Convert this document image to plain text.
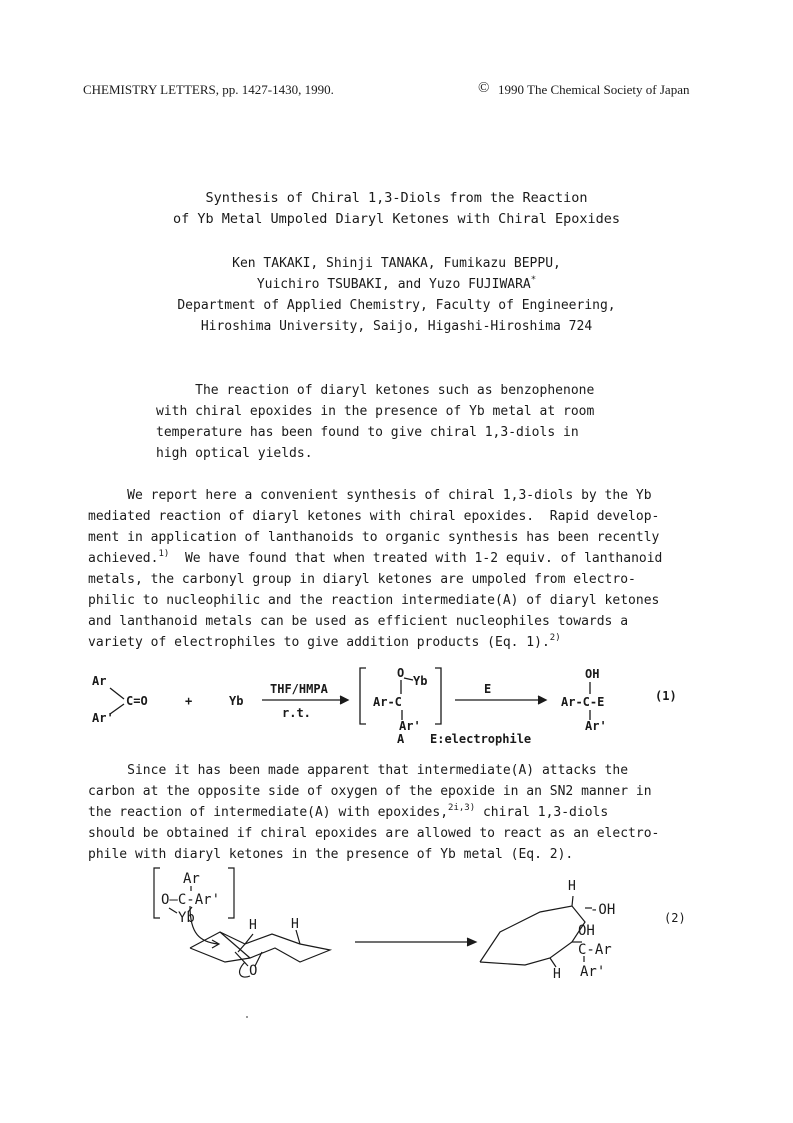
CHEMISTRY LETTERS, pp. 1427-1430, 1990.	© 1990 The Chemical Society of Japan
Synthesis of Chiral 1,3-Diols from the Reaction
of Yb Metal Umpoled Diaryl Ketones with Chiral Epoxides
Ken TAKAKI, Shinji TANAKA, Fumikazu BEPPU,
Yuichiro TSUBAKI, and Yuzo FUJIWARA*
Department of Applied Chemistry, Faculty of Engineering,
Hiroshima University, Saijo, Higashi-Hiroshima 724
The reaction of diaryl ketones such as benzophenone
with chiral epoxides in the presence of Yb metal at room
temperature has been found to give chiral 1,3-diols in
high optical yields.
We report here a convenient synthesis of chiral 1,3-diols by the Yb
mediated reaction of diaryl ketones with chiral epoxides.  Rapid develop-
ment in application of lanthanoids to organic synthesis has been recently
achieved.$^{1)}$  We have found that when treated with 1-2 equiv. of lanthanoid
metals, the carbonyl group in diaryl ketones are umpoled from electro-
philic to nucleophilic and the reaction intermediate(A) of diaryl ketones
and lanthanoid metals can be used as efficient nucleophiles towards a
variety of electrophiles to give addition products (Eq. 1).$^{2)}$
Ar
Ar'
C=O	+	Yb
THF/HMPA
r.t.
O
Yb
Ar-C
Ar'
E
OH
Ar-C-E
Ar'
(1)
A E:electrophile
Since it has been made apparent that intermediate(A) attacks the
carbon at the opposite side of oxygen of the epoxide in an SN2 manner in
the reaction of intermediate(A) with epoxides,$^{2i,3)}$ chiral 1,3-diols
should be obtained if chiral epoxides are allowed to react as an electro-
phile with diaryl ketones in the presence of Yb metal (Eq. 2).
Ar
O—C-Ar'
Yb	H	H
O
H
-OH
OH
C-Ar
Ar'
H
(2)
